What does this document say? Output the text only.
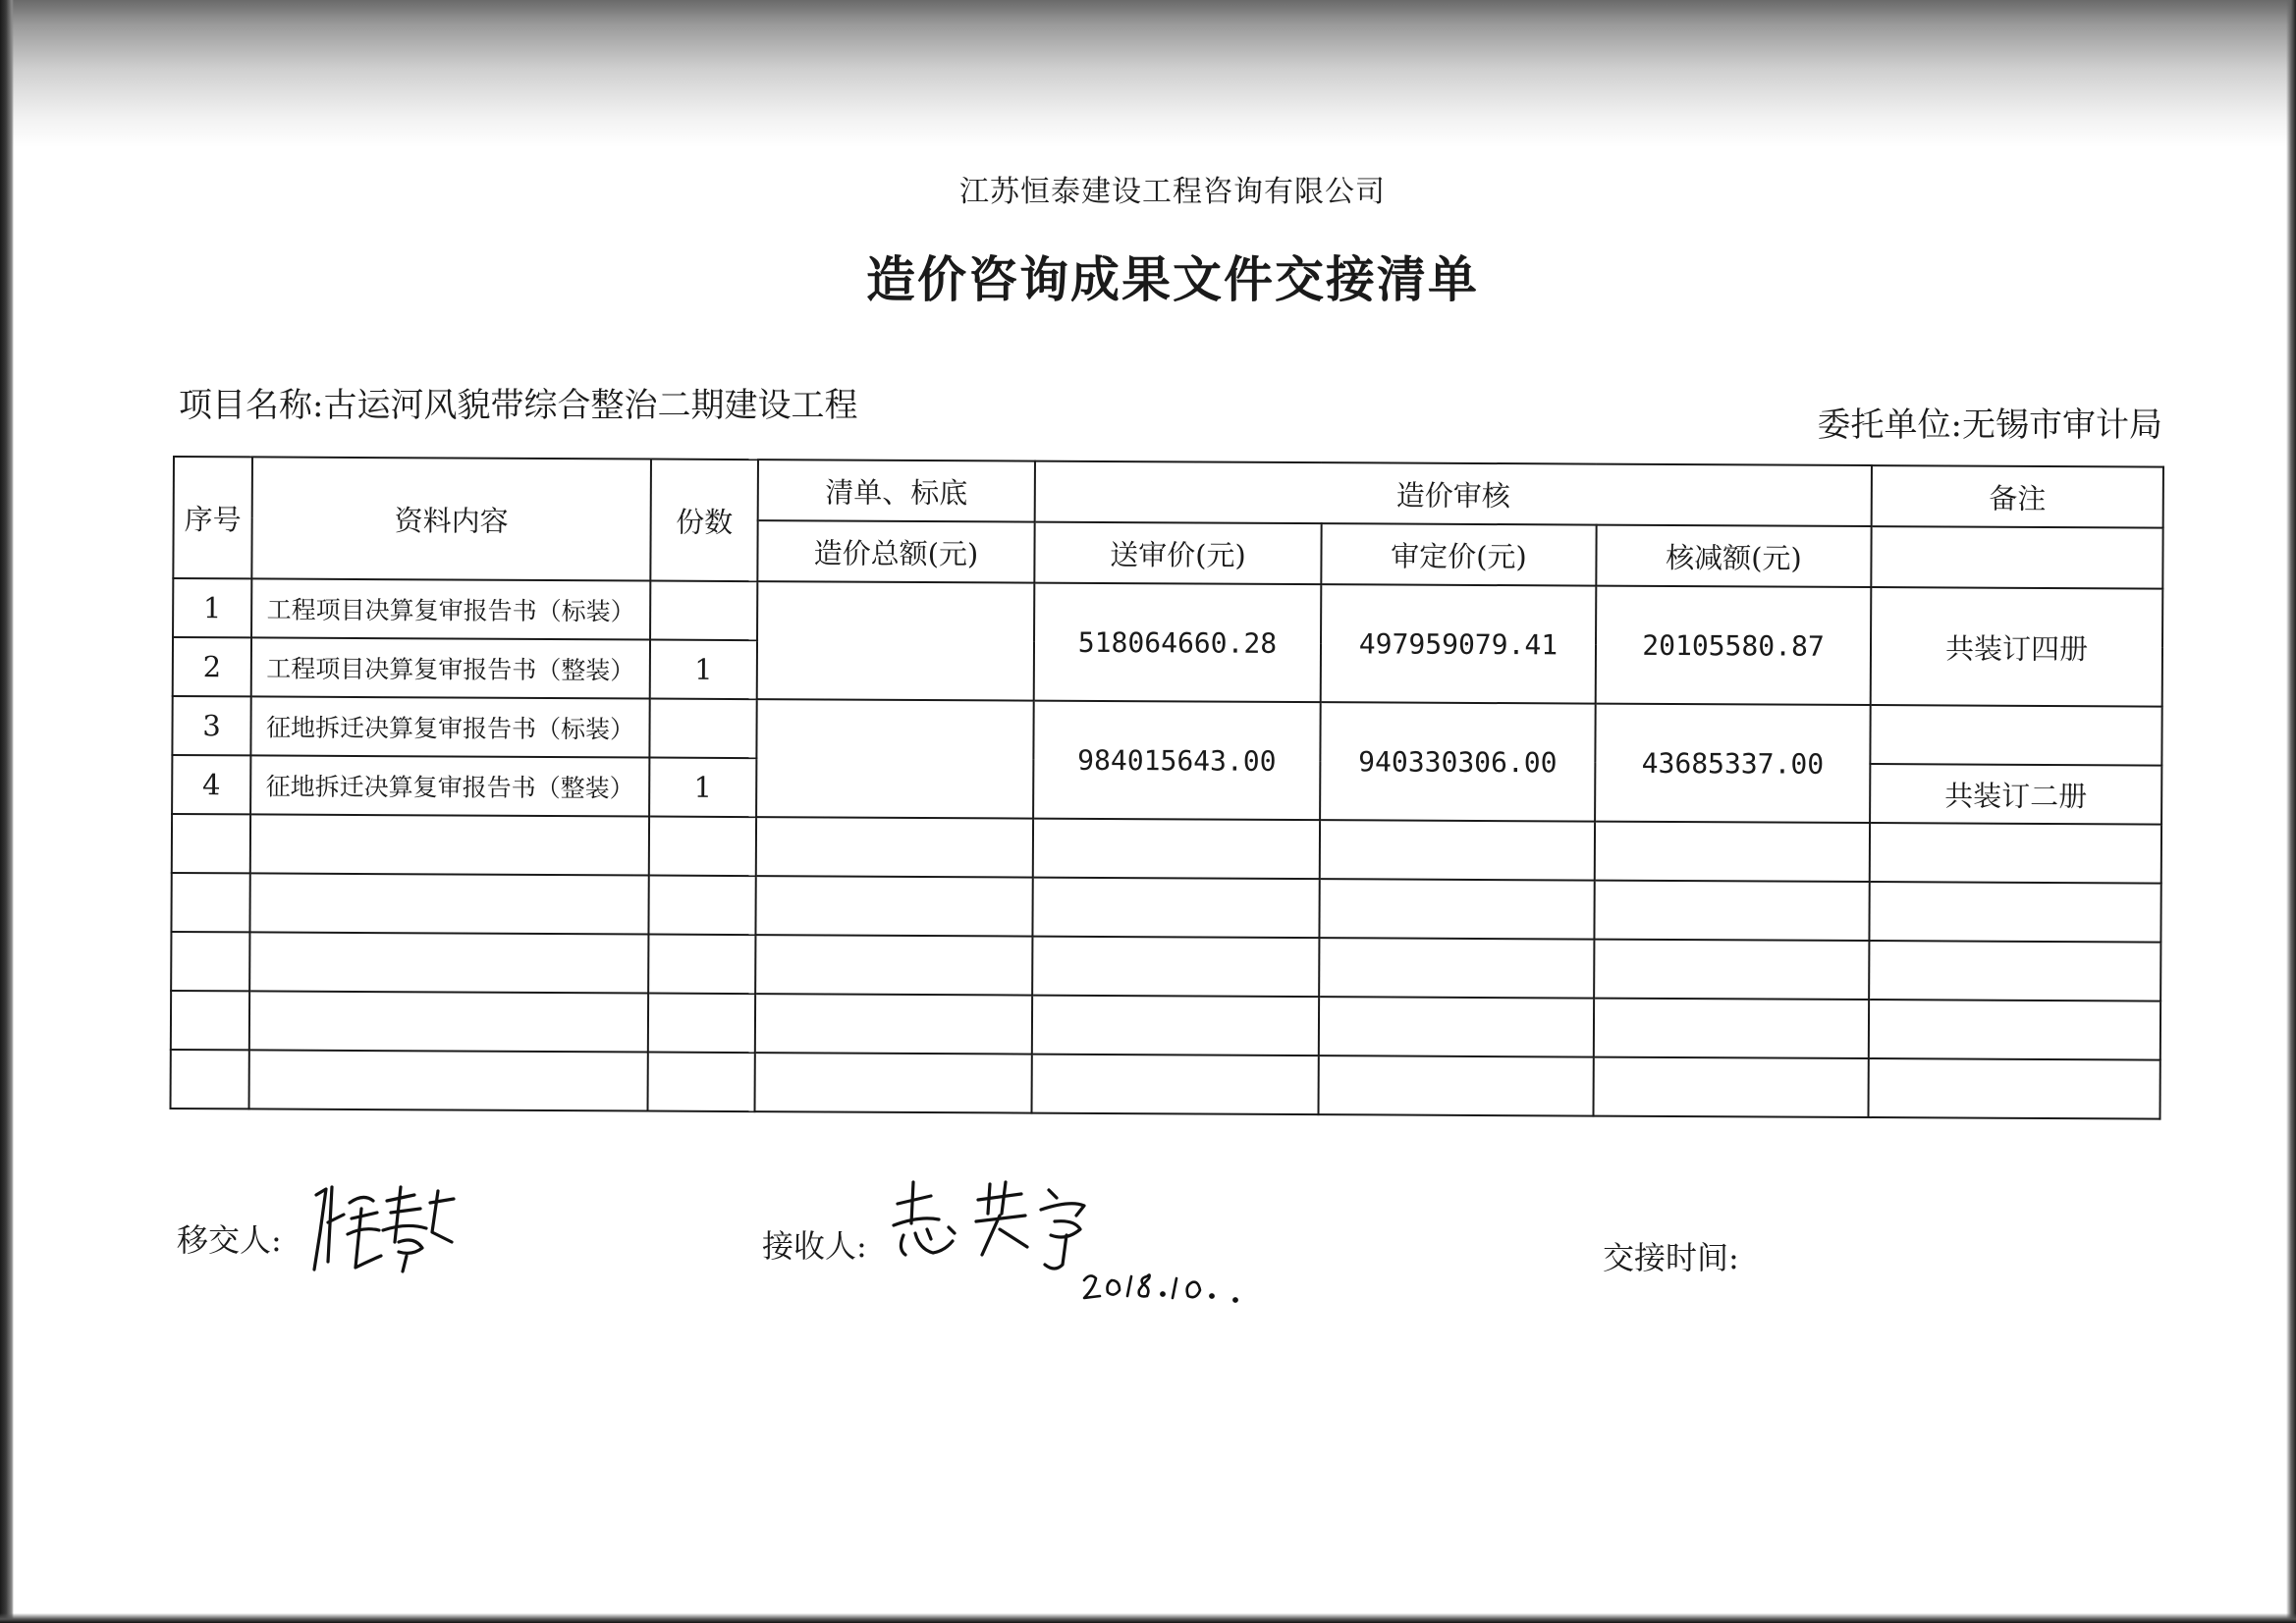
江苏恒泰建设工程咨询有限公司
造价咨询成果文件交接清单
项目名称:古运河风貌带综合整治二期建设工程	委托单位:无锡市审计局
序号	资料内容	份数	清单、标底	造价审核			备注
			造价总额(元)	送审价(元)	审定价(元)	核减额(元)	
1	工程项目决算复审报告书（标装）			518064660.28	497959079.41	20105580.87	共装订四册
2	工程项目决算复审报告书（整装）	1					
3	征地拆迁决算复审报告书（标装）			984015643.00	940330306.00	43685337.00	
4	征地拆迁决算复审报告书（整装）	1					共装订二册

移交人:	接收人:	交接时间:
